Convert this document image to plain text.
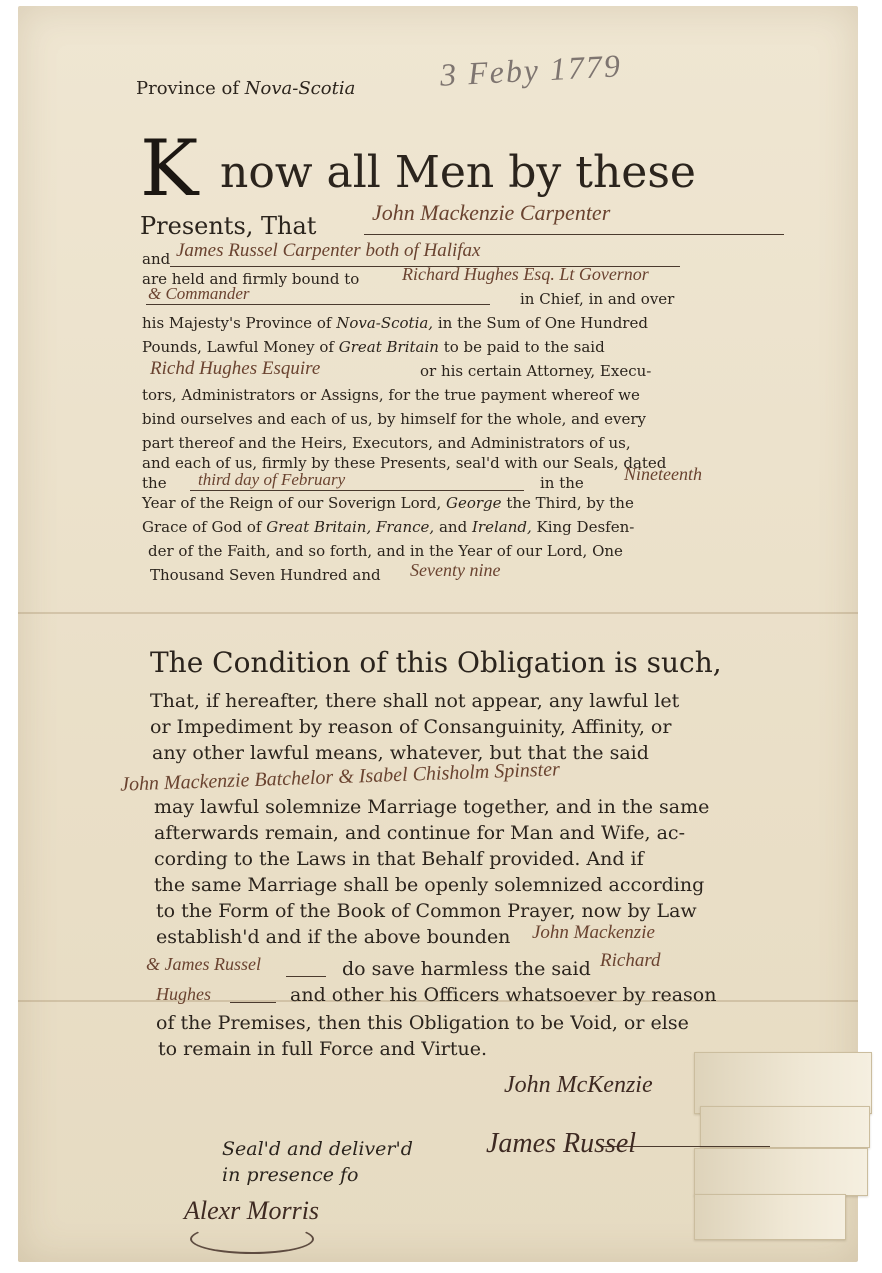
Province of Nova-Scotia	3 Feby 1779
K now all Men by these
Presents, That	John Mackenzie Carpenter
and James Russel Carpenter both of Halifax
are held and firmly bound to Richard Hughes Esq. Lt Governor
& Commander	in Chief, in and over
his Majesty's Province of Nova-Scotia, in the Sum of One Hundred
Pounds, Lawful Money of Great Britain to be paid to the said
Richd Hughes Esquire	or his certain Attorney, Execu-
tors, Administrators or Assigns, for the true payment whereof we
bind ourselves and each of us, by himself for the whole, and every
part thereof and the Heirs, Executors, and Administrators of us,
and each of us, firmly by these Presents, seal'd with our Seals, dated
the third day of February	in the Nineteenth
Year of the Reign of our Soverign Lord, George the Third, by the
Grace of God of Great Britain, France, and Ireland, King Desfen-
der of the Faith, and so forth, and in the Year of our Lord, One
Thousand Seven Hundred and Seventy nine
The Condition of this Obligation is such,
That, if hereafter, there shall not appear, any lawful let
or Impediment by reason of Consanguinity, Affinity, or
any other lawful means, whatever, but that the said
John Mackenzie Batchelor & Isabel Chisholm Spinster
may lawful solemnize Marriage together, and in the same
afterwards remain, and continue for Man and Wife, ac-
cording to the Laws in that Behalf provided. And if
the same Marriage shall be openly solemnized according
to the Form of the Book of Common Prayer, now by Law
establish'd and if the above bounden John Mackenzie
& James Russel	do save harmless the said Richard
Hughes	and other his Officers whatsoever by reason
of the Premises, then this Obligation to be Void, or else
to remain in full Force and Virtue.
John McKenzie
James Russel
Seal'd and deliver'd
in presence fo
Alexr Morris
